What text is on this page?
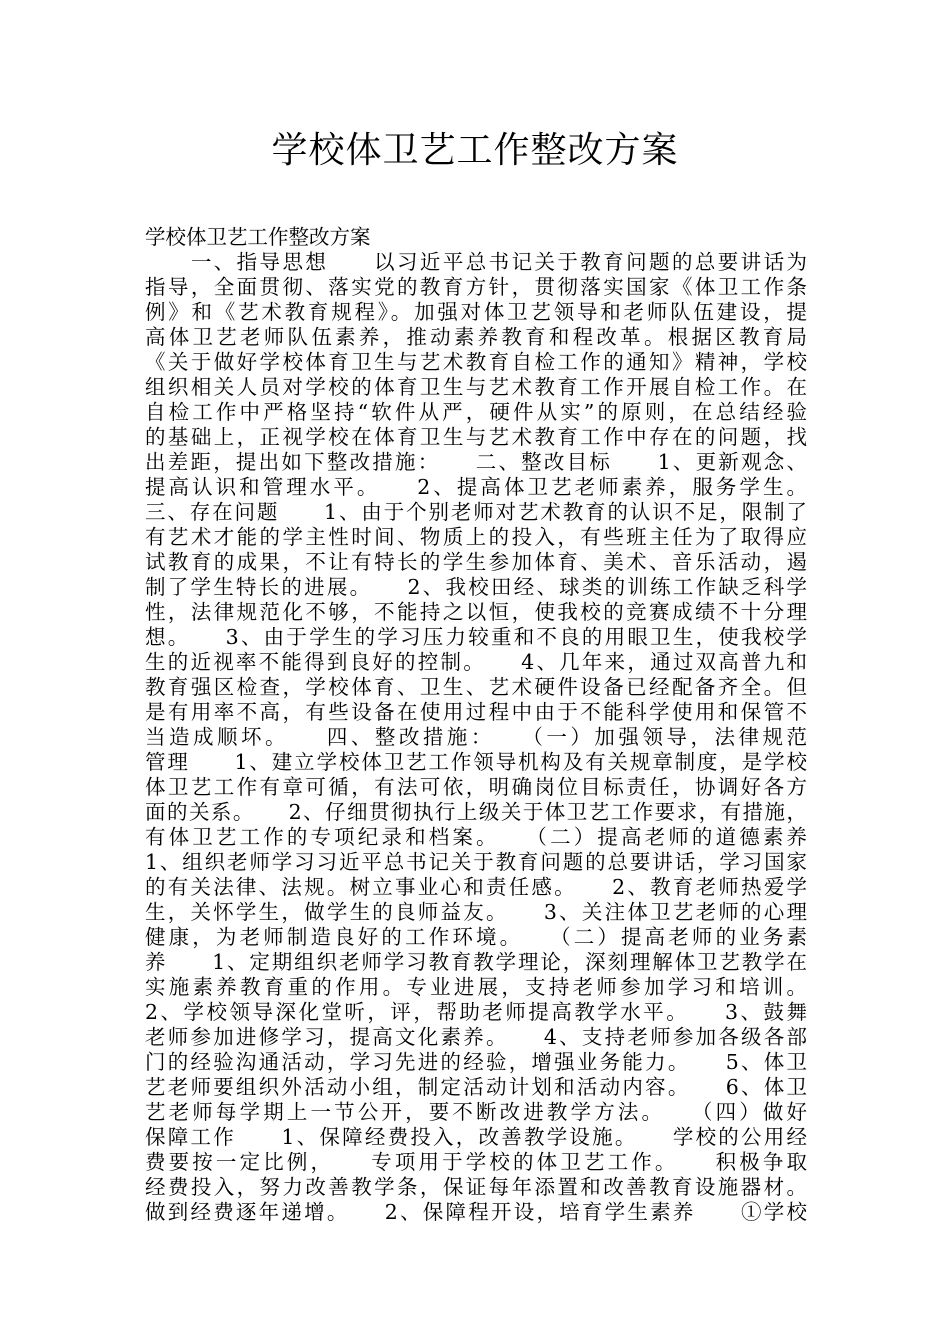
学校体卫艺工作整改方案
学校体卫艺工作整改方案
　　一、指导思想　　以习近平总书记关于教育问题的总要讲话为
指导，全面贯彻、落实党的教育方针，贯彻落实国家《体卫工作条
例》和《艺术教育规程》。加强对体卫艺领导和老师队伍建设，提
高体卫艺老师队伍素养，推动素养教育和程改革。根据区教育局
《关于做好学校体育卫生与艺术教育自检工作的通知》精神，学校
组织相关人员对学校的体育卫生与艺术教育工作开展自检工作。在
自检工作中严格坚持“软件从严，硬件从实”的原则，在总结经验
的基础上，正视学校在体育卫生与艺术教育工作中存在的问题，找
出差距，提出如下整改措施：　　二、整改目标　　1、更新观念、
提高认识和管理水平。　　2、提高体卫艺老师素养，服务学生。
三、存在问题　　1、由于个别老师对艺术教育的认识不足，限制了
有艺术才能的学主性时间、物质上的投入，有些班主任为了取得应
试教育的成果，不让有特长的学生参加体育、美术、音乐活动，遏
制了学生特长的进展。　　2、我校田经、球类的训练工作缺乏科学
性，法律规范化不够，不能持之以恒，使我校的竞赛成绩不十分理
想。　　3、由于学生的学习压力较重和不良的用眼卫生，使我校学
生的近视率不能得到良好的控制。　　4、几年来，通过双高普九和
教育强区检查，学校体育、卫生、艺术硬件设备已经配备齐全。但
是有用率不高，有些设备在使用过程中由于不能科学使用和保管不
当造成顺坏。　　四、整改措施：　　（一）加强领导，法律规范
管理　　1、建立学校体卫艺工作领导机构及有关规章制度，是学校
体卫艺工作有章可循，有法可依，明确岗位目标责任，协调好各方
面的关系。　　2、仔细贯彻执行上级关于体卫艺工作要求，有措施，
有体卫艺工作的专项纪录和档案。　　（二）提高老师的道德素养
1、组织老师学习习近平总书记关于教育问题的总要讲话，学习国家
的有关法律、法规。树立事业心和责任感。　　2、教育老师热爱学
生，关怀学生，做学生的良师益友。　　3、关注体卫艺老师的心理
健康，为老师制造良好的工作环境。　　（二）提高老师的业务素
养　　1、定期组织老师学习教育教学理论，深刻理解体卫艺教学在
实施素养教育重的作用。专业进展，支持老师参加学习和培训。
2、学校领导深化堂听，评，帮助老师提高教学水平。　　3、鼓舞
老师参加进修学习，提高文化素养。　　4、支持老师参加各级各部
门的经验沟通活动，学习先进的经验，增强业务能力。　　5、体卫
艺老师要组织外活动小组，制定活动计划和活动内容。　　6、体卫
艺老师每学期上一节公开，要不断改进教学方法。　　（四）做好
保障工作　　1、保障经费投入，改善教学设施。　　学校的公用经
费要按一定比例，　　专项用于学校的体卫艺工作。　　积极争取
经费投入，努力改善教学条，保证每年添置和改善教育设施器材。
做到经费逐年递增。　　2、保障程开设，培育学生素养　　①学校
